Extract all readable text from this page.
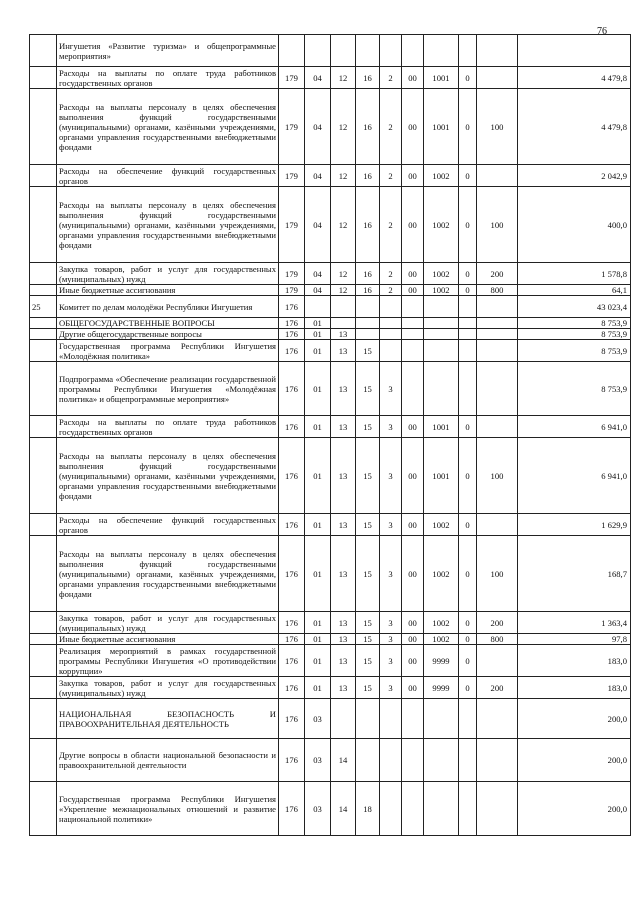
76
	Ингушетия «Развитие туризма» и общепрограммные мероприятия»										
	Расходы на выплаты по оплате труда работников государственных органов	179	04	12	16	2	00	1001	0		4 479,8
	Расходы на выплаты персоналу в целях обеспечения выполнения функций государственными (муниципальными) органами, казёнными учреждениями, органами управления государственными внебюджетными фондами	179	04	12	16	2	00	1001	0	100	4 479,8
	Расходы на обеспечение функций государственных органов	179	04	12	16	2	00	1002	0		2 042,9
	Расходы на выплаты персоналу в целях обеспечения выполнения функций государственными (муниципальными) органами, казёнными учреждениями, органами управления государственными внебюджетными фондами	179	04	12	16	2	00	1002	0	100	400,0
	Закупка товаров, работ и услуг для государственных (муниципальных) нужд	179	04	12	16	2	00	1002	0	200	1 578,8
	Иные бюджетные ассигнования	179	04	12	16	2	00	1002	0	800	64,1
25	Комитет по делам молодёжи Республики Ингушетия	176									43 023,4
	ОБЩЕГОСУДАРСТВЕННЫЕ ВОПРОСЫ	176	01								8 753,9
	Другие общегосударственные вопросы	176	01	13							8 753,9
	Государственная программа Республики Ингушетия «Молодёжная политика»	176	01	13	15						8 753,9
	Подпрограмма «Обеспечение реализации государственной программы Республики Ингушетия «Молодёжная политика» и общепрограммные мероприятия»	176	01	13	15	3					8 753,9
	Расходы на выплаты по оплате труда работников государственных органов	176	01	13	15	3	00	1001	0		6 941,0
	Расходы на выплаты персоналу в целях обеспечения выполнения функций государственными (муниципальными) органами, казёнными учреждениями, органами управления государственными внебюджетными фондами	176	01	13	15	3	00	1001	0	100	6 941,0
	Расходы на обеспечение функций государственных органов	176	01	13	15	3	00	1002	0		1 629,9
	Расходы на выплаты персоналу в целях обеспечения выполнения функций государственными (муниципальными) органами, казённых учреждениями, органами управления государственными внебюджетными фондами	176	01	13	15	3	00	1002	0	100	168,7
	Закупка товаров, работ и услуг для государственных (муниципальных) нужд	176	01	13	15	3	00	1002	0	200	1 363,4
	Иные бюджетные ассигнования	176	01	13	15	3	00	1002	0	800	97,8
	Реализация мероприятий в рамках государственной программы Республики Ингушетия «О противодействии коррупции»	176	01	13	15	3	00	9999	0		183,0
	Закупка товаров, работ и услуг для государственных (муниципальных) нужд	176	01	13	15	3	00	9999	0	200	183,0
	НАЦИОНАЛЬНАЯ БЕЗОПАСНОСТЬ И ПРАВООХРАНИТЕЛЬНАЯ ДЕЯТЕЛЬНОСТЬ	176	03								200,0
	Другие вопросы в области национальной безопасности и правоохранительной деятельности	176	03	14							200,0
	Государственная программа Республики Ингушетия «Укрепление межнациональных отношений и развитие национальной политики»	176	03	14	18						200,0
